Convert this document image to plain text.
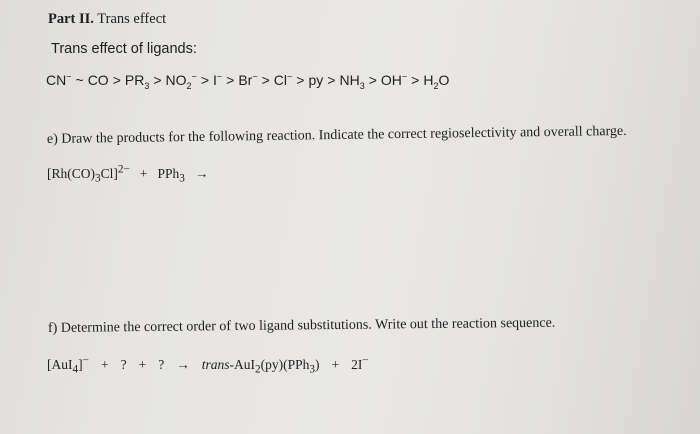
Part II. Trans effect
Trans effect of ligands:
CN− ~ CO > $PR_3 > NO_2^- > I^- > Br^- > Cl^-$ > py > $NH_3 > OH^- > H_2O$
e) Draw the products for the following reaction. Indicate the correct regioselectivity and overall charge.
$[Rh(CO)_3Cl]^{2-} + PPh_3$ →
f) Determine the correct order of two ligand substitutions. Write out the reaction sequence.
[AuI$_4$]− + ? + ? → trans-AuI$_2$(py)(PPh$_3$) + 2I−
